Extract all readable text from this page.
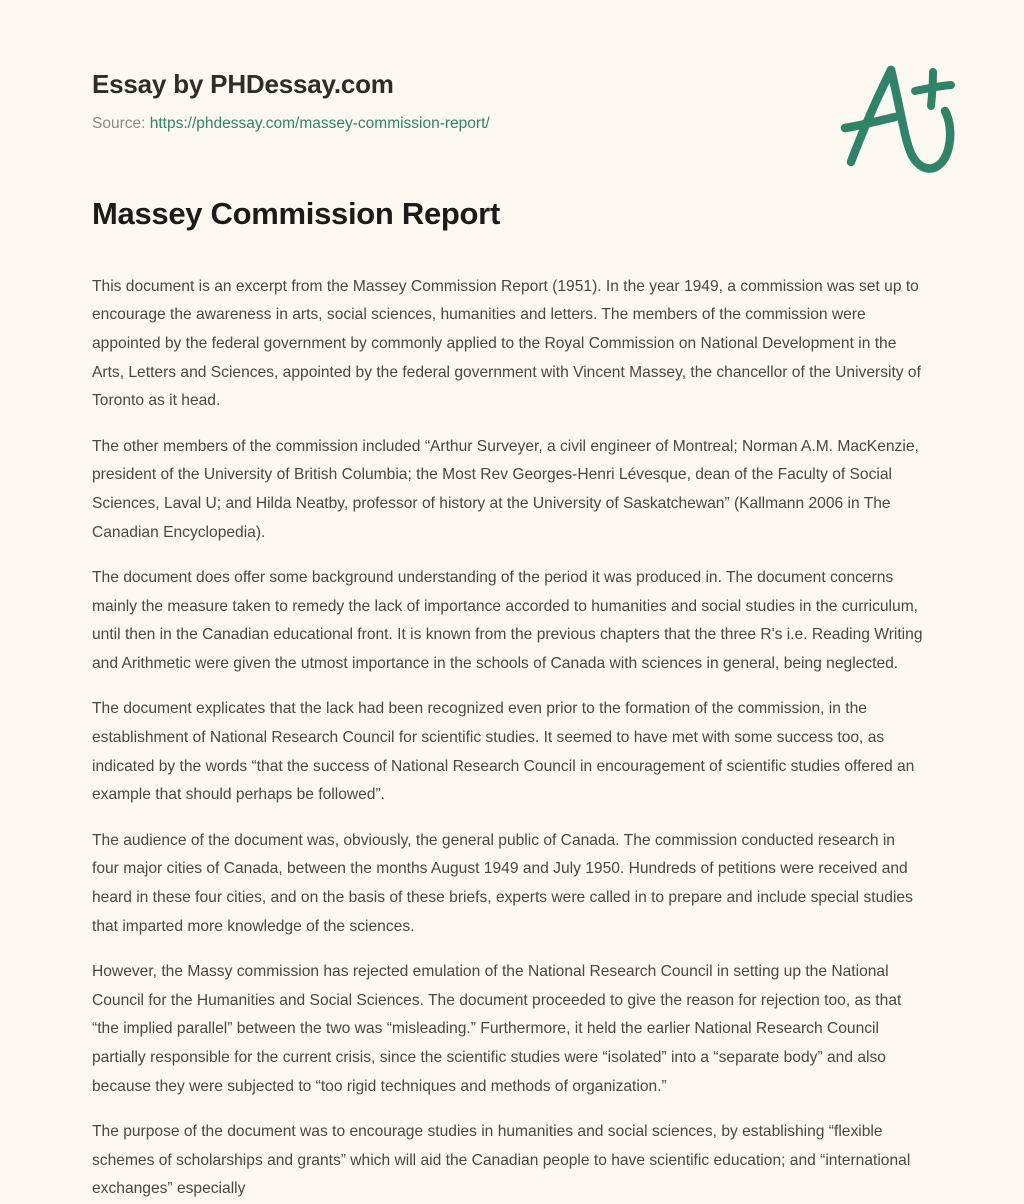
Essay by PHDessay.com
Source: https://phdessay.com/massey-commission-report/
Massey Commission Report

This document is an excerpt from the Massey Commission Report (1951). In the year 1949, a commission was set up to encourage the awareness in arts, social sciences, humanities and letters. The members of the commission were appointed by the federal government by commonly applied to the Royal Commission on National Development in the Arts, Letters and Sciences, appointed by the federal government with Vincent Massey, the chancellor of the University of Toronto as it head.

The other members of the commission included “Arthur Surveyer, a civil engineer of Montreal; Norman A.M. MacKenzie, president of the University of British Columbia; the Most Rev Georges-Henri Lévesque, dean of the Faculty of Social Sciences, Laval U; and Hilda Neatby, professor of history at the University of Saskatchewan” (Kallmann 2006 in The Canadian Encyclopedia).

The document does offer some background understanding of the period it was produced in. The document concerns mainly the measure taken to remedy the lack of importance accorded to humanities and social studies in the curriculum, until then in the Canadian educational front. It is known from the previous chapters that the three R's i.e. Reading Writing and Arithmetic were given the utmost importance in the schools of Canada with sciences in general, being neglected.

The document explicates that the lack had been recognized even prior to the formation of the commission, in the establishment of National Research Council for scientific studies. It seemed to have met with some success too, as indicated by the words “that the success of National Research Council in encouragement of scientific studies offered an example that should perhaps be followed”.

The audience of the document was, obviously, the general public of Canada. The commission conducted research in four major cities of Canada, between the months August 1949 and July 1950. Hundreds of petitions were received and heard in these four cities, and on the basis of these briefs, experts were called in to prepare and include special studies that imparted more knowledge of the sciences.

However, the Massy commission has rejected emulation of the National Research Council in setting up the National Council for the Humanities and Social Sciences. The document proceeded to give the reason for rejection too, as that “the implied parallel” between the two was “misleading.” Furthermore, it held the earlier National Research Council partially responsible for the current crisis, since the scientific studies were “isolated” into a “separate body” and also because they were subjected to “too rigid techniques and methods of organization.”

The purpose of the document was to encourage studies in humanities and social sciences, by establishing “flexible schemes of scholarships and grants” which will aid the Canadian people to have scientific education; and “international exchanges” especially
